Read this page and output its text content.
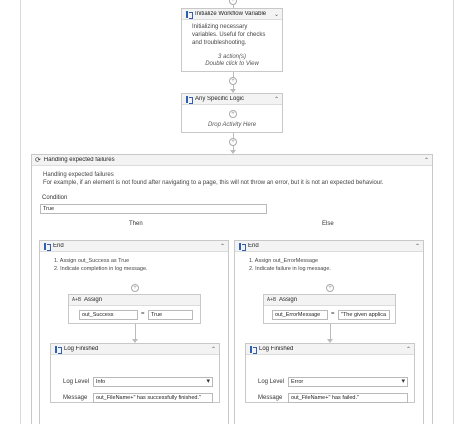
+
Initialize Workflow Variable	⌄
Initializing necessary
variables. Useful for checks
and troubleshooting.
3 action(s)
Double click to View
+
Any Specific Logic	⌃
+
Drop Activity Here
+
⟳ Handling expected failures	⌃
Handling expected failures
For example, if an element is not found after navigating to a page, this will not throw an error, but it is not an expected behaviour.
Condition
True
Then	Else
End	⌃
1. Assign out_Success as True
2. Indicate completion in log message.
+
A+B Assign
out_Success	=	True
Log Finished	⌃
Log Level	Info ▾
Message	out_FileName+" has successfully finished."
End	⌃
1. Assign out_ErrorMessage
2. Indicate failure in log message.
+
A+B Assign
out_ErrorMessage	=	"The given applica
Log Finished	⌃
Log Level	Error ▾
Message	out_FileName+" has failed."
